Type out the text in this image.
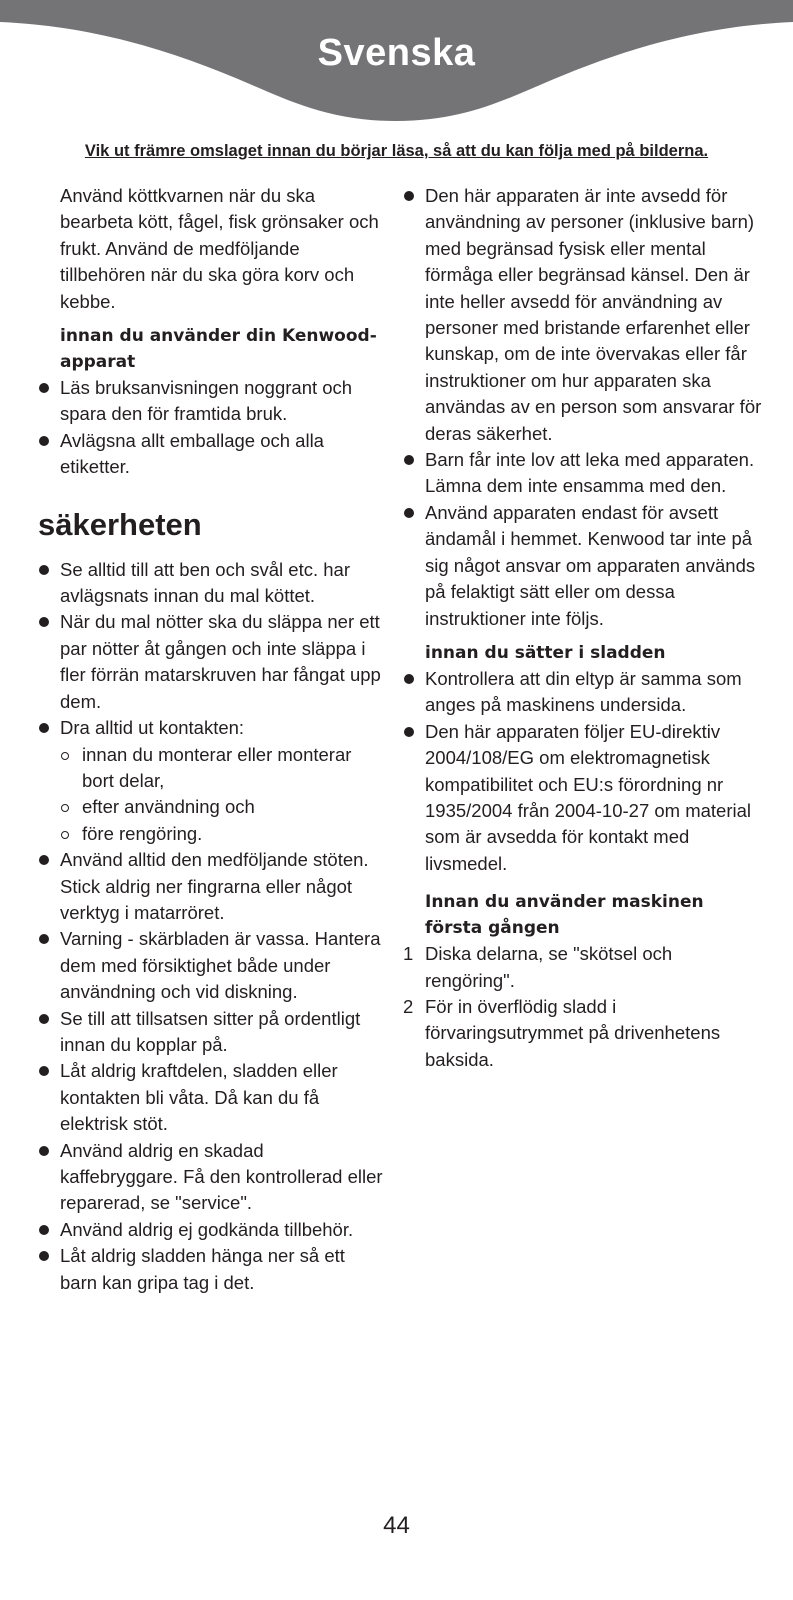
Svenska
Vik ut främre omslaget innan du börjar läsa, så att du kan följa med på bilderna.

Använd köttkvarnen när du ska bearbeta kött, fågel, fisk grönsaker och frukt. Använd de medföljande tillbehören när du ska göra korv och kebbe.

innan du använder din Kenwood-apparat
Läs bruksanvisningen noggrant och spara den för framtida bruk.
Avlägsna allt emballage och alla etiketter.
säkerheten
Se alltid till att ben och svål etc. har avlägsnats innan du mal köttet.
När du mal nötter ska du släppa ner ett par nötter åt gången och inte släppa i fler förrän matarskruven har fångat upp dem.
Dra alltid ut kontakten:
innan du monterar eller monterar bort delar,
efter användning och
före rengöring.
Använd alltid den medföljande stöten. Stick aldrig ner fingrarna eller något verktyg i matarröret.
Varning - skärbladen är vassa. Hantera dem med försiktighet både under användning och vid diskning.
Se till att tillsatsen sitter på ordentligt innan du kopplar på.
Låt aldrig kraftdelen, sladden eller kontakten bli våta. Då kan du få elektrisk stöt.
Använd aldrig en skadad kaffebryggare. Få den kontrollerad eller reparerad, se "service".
Använd aldrig ej godkända tillbehör.
Låt aldrig sladden hänga ner så ett barn kan gripa tag i det.
Den här apparaten är inte avsedd för användning av personer (inklusive barn) med begränsad fysisk eller mental förmåga eller begränsad känsel. Den är inte heller avsedd för användning av personer med bristande erfarenhet eller kunskap, om de inte övervakas eller får instruktioner om hur apparaten ska användas av en person som ansvarar för deras säkerhet.
Barn får inte lov att leka med apparaten. Lämna dem inte ensamma med den.
Använd apparaten endast för avsett ändamål i hemmet. Kenwood tar inte på sig något ansvar om apparaten används på felaktigt sätt eller om dessa instruktioner inte följs.
innan du sätter i sladden
Kontrollera att din eltyp är samma som anges på maskinens undersida.
Den här apparaten följer EU-direktiv 2004/108/EG om elektromagnetisk kompatibilitet och EU:s förordning nr 1935/2004 från 2004-10-27 om material som är avsedda för kontakt med livsmedel.
Innan du använder maskinen första gången
1 Diska delarna, se "skötsel och rengöring".
2 För in överflödig sladd i förvaringsutrymmet på drivenhetens baksida.
44
